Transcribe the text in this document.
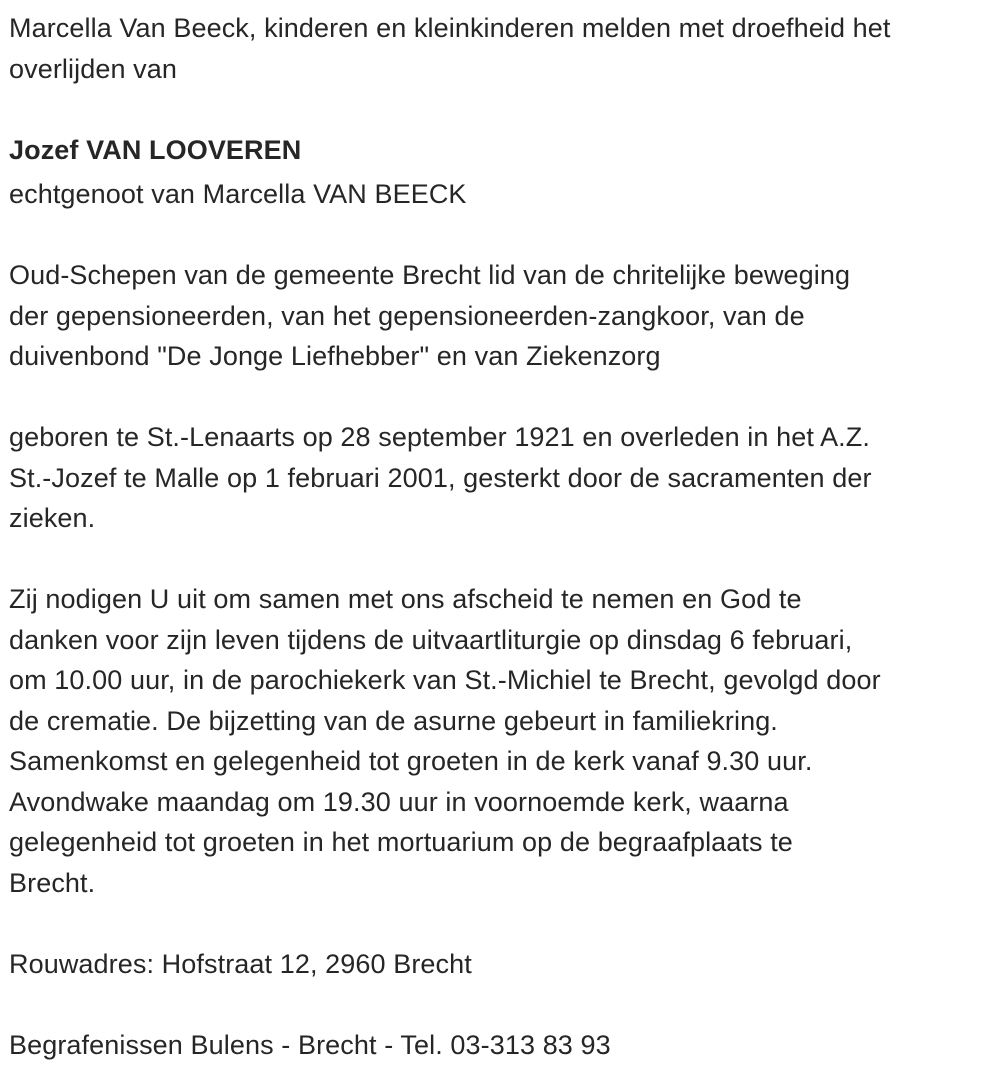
Marcella Van Beeck, kinderen en kleinkinderen melden met droefheid het
overlijden van
Jozef VAN LOOVEREN
echtgenoot van Marcella VAN BEECK
Oud-Schepen van de gemeente Brecht lid van de chritelijke beweging
der gepensioneerden, van het gepensioneerden-zangkoor, van de
duivenbond "De Jonge Liefhebber" en van Ziekenzorg
geboren te St.-Lenaarts op 28 september 1921 en overleden in het A.Z.
St.-Jozef te Malle op 1 februari 2001, gesterkt door de sacramenten der
zieken.
Zij nodigen U uit om samen met ons afscheid te nemen en God te
danken voor zijn leven tijdens de uitvaartliturgie op dinsdag 6 februari,
om 10.00 uur, in de parochiekerk van St.-Michiel te Brecht, gevolgd door
de crematie. De bijzetting van de asurne gebeurt in familiekring.
Samenkomst en gelegenheid tot groeten in de kerk vanaf 9.30 uur.
Avondwake maandag om 19.30 uur in voornoemde kerk, waarna
gelegenheid tot groeten in het mortuarium op de begraafplaats te
Brecht.
Rouwadres: Hofstraat 12, 2960 Brecht
Begrafenissen Bulens - Brecht - Tel. 03-313 83 93
